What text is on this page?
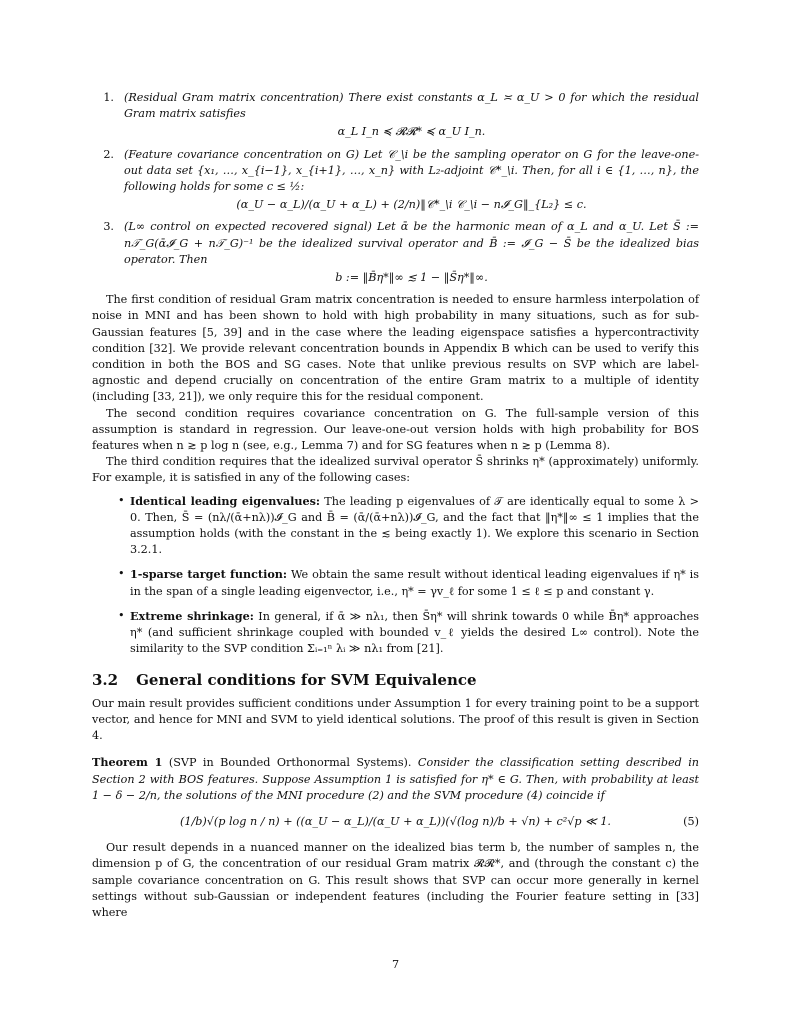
1. (Residual Gram matrix concentration) There exist constants α_L ≍ α_U > 0 for which the residual Gram matrix satisfies
α_L I_n ≼ 𝓡𝓡* ≼ α_U I_n.
2. (Feature covariance concentration on G) Let 𝒞_\i be the sampling operator on G for the leave-one-out data set {x₁, …, x_{i−1}, x_{i+1}, …, x_n} with L₂-adjoint 𝒞*_\i. Then, for all i ∈ {1, …, n}, the following holds for some c ≤ ½:
(α_U − α_L)/(α_U + α_L) + (2/n)‖𝒞*_\i 𝒞_\i − n𝓘_G‖_{L₂} ≤ c.
3. (L∞ control on expected recovered signal) Let ᾱ be the harmonic mean of α_L and α_U. Let S̄ := n𝒯_G(ᾱ𝓘_G + n𝒯_G)⁻¹ be the idealized survival operator and B̄ := 𝓘_G − S̄ be the idealized bias operator. Then
b := ‖B̄η*‖∞ ≲ 1 − ‖S̄η*‖∞.

The first condition of residual Gram matrix concentration is needed to ensure harmless interpolation of noise in MNI and has been shown to hold with high probability in many situations, such as for sub-Gaussian features [5, 39] and in the case where the leading eigenspace satisfies a hypercontractivity condition [32]. We provide relevant concentration bounds in Appendix B which can be used to verify this condition in both the BOS and SG cases. Note that unlike previous results on SVP which are label-agnostic and depend crucially on concentration of the entire Gram matrix to a multiple of identity (including [33, 21]), we only require this for the residual component.

The second condition requires covariance concentration on G. The full-sample version of this assumption is standard in regression. Our leave-one-out version holds with high probability for BOS features when n ≳ p log n (see, e.g., Lemma 7) and for SG features when n ≳ p (Lemma 8).

The third condition requires that the idealized survival operator S̄ shrinks η* (approximately) uniformly. For example, it is satisfied in any of the following cases:

• Identical leading eigenvalues: The leading p eigenvalues of 𝒯 are identically equal to some λ > 0. Then, S̄ = (nλ/(ᾱ+nλ))𝓘_G and B̄ = (ᾱ/(ᾱ+nλ))𝓘_G, and the fact that ‖η*‖∞ ≤ 1 implies that the assumption holds (with the constant in the ≲ being exactly 1). We explore this scenario in Section 3.2.1.
• 1-sparse target function: We obtain the same result without identical leading eigenvalues if η* is in the span of a single leading eigenvector, i.e., η* = γv_ℓ for some 1 ≤ ℓ ≤ p and constant γ.
• Extreme shrinkage: In general, if ᾱ ≫ nλ₁, then S̄η* will shrink towards 0 while B̄η* approaches η* (and sufficient shrinkage coupled with bounded v_ℓ yields the desired L∞ control). Note the similarity to the SVP condition Σᵢ₌₁ⁿ λᵢ ≫ nλ₁ from [21].
3.2 General conditions for SVM Equivalence

Our main result provides sufficient conditions under Assumption 1 for every training point to be a support vector, and hence for MNI and SVM to yield identical solutions. The proof of this result is given in Section 4.

Theorem 1 (SVP in Bounded Orthonormal Systems). Consider the classification setting described in Section 2 with BOS features. Suppose Assumption 1 is satisfied for η* ∈ G. Then, with probability at least 1 − δ − 2/n, the solutions of the MNI procedure (2) and the SVM procedure (4) coincide if
(1/b)√(p log n / n) + ((α_U − α_L)/(α_U + α_L))(√(log n)/b + √n) + c²√p ≪ 1.	(5)

Our result depends in a nuanced manner on the idealized bias term b, the number of samples n, the dimension p of G, the concentration of our residual Gram matrix 𝓡𝓡*, and (through the constant c) the sample covariance concentration on G. This result shows that SVP can occur more generally in kernel settings without sub-Gaussian or independent features (including the Fourier feature setting in [33] where

7
